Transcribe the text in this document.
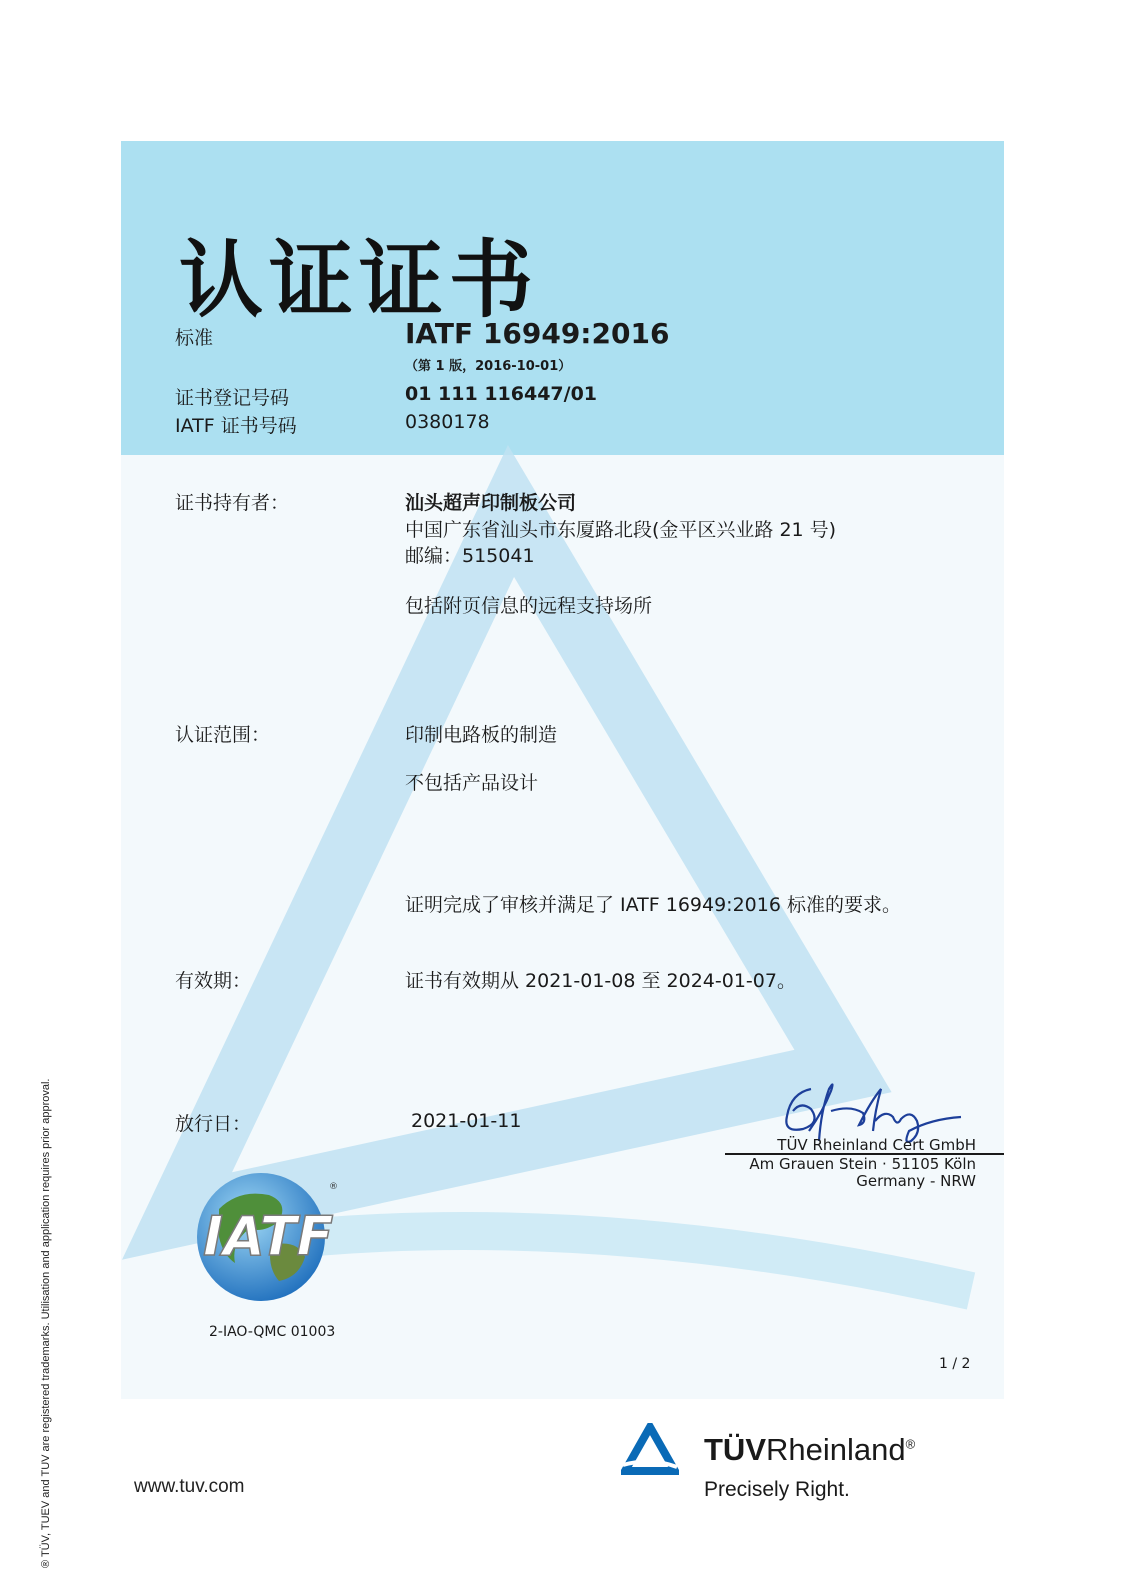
认证证书
标准	IATF 16949:2016
（第 1 版，2016-10-01）
证书登记号码	01 111 116447/01
IATF 证书号码	0380178
证书持有者：	汕头超声印制板公司
中国广东省汕头市东厦路北段(金平区兴业路 21 号)
邮编：515041
包括附页信息的远程支持场所
认证范围：	印制电路板的制造
不包括产品设计
证明完成了审核并满足了 IATF 16949:2016 标准的要求。
有效期：	证书有效期从 2021-01-08 至 2024-01-07。
放行日：	2021-01-11
TÜV Rheinland Cert GmbH
Am Grauen Stein · 51105 Köln
Germany - NRW
IATF
®
2-IAO-QMC 01003
1 / 2
® TÜV, TUEV and TUV are registered trademarks. Utilisation and application requires prior approval.	www.tuv.com
TÜVRheinland®
Precisely Right.
